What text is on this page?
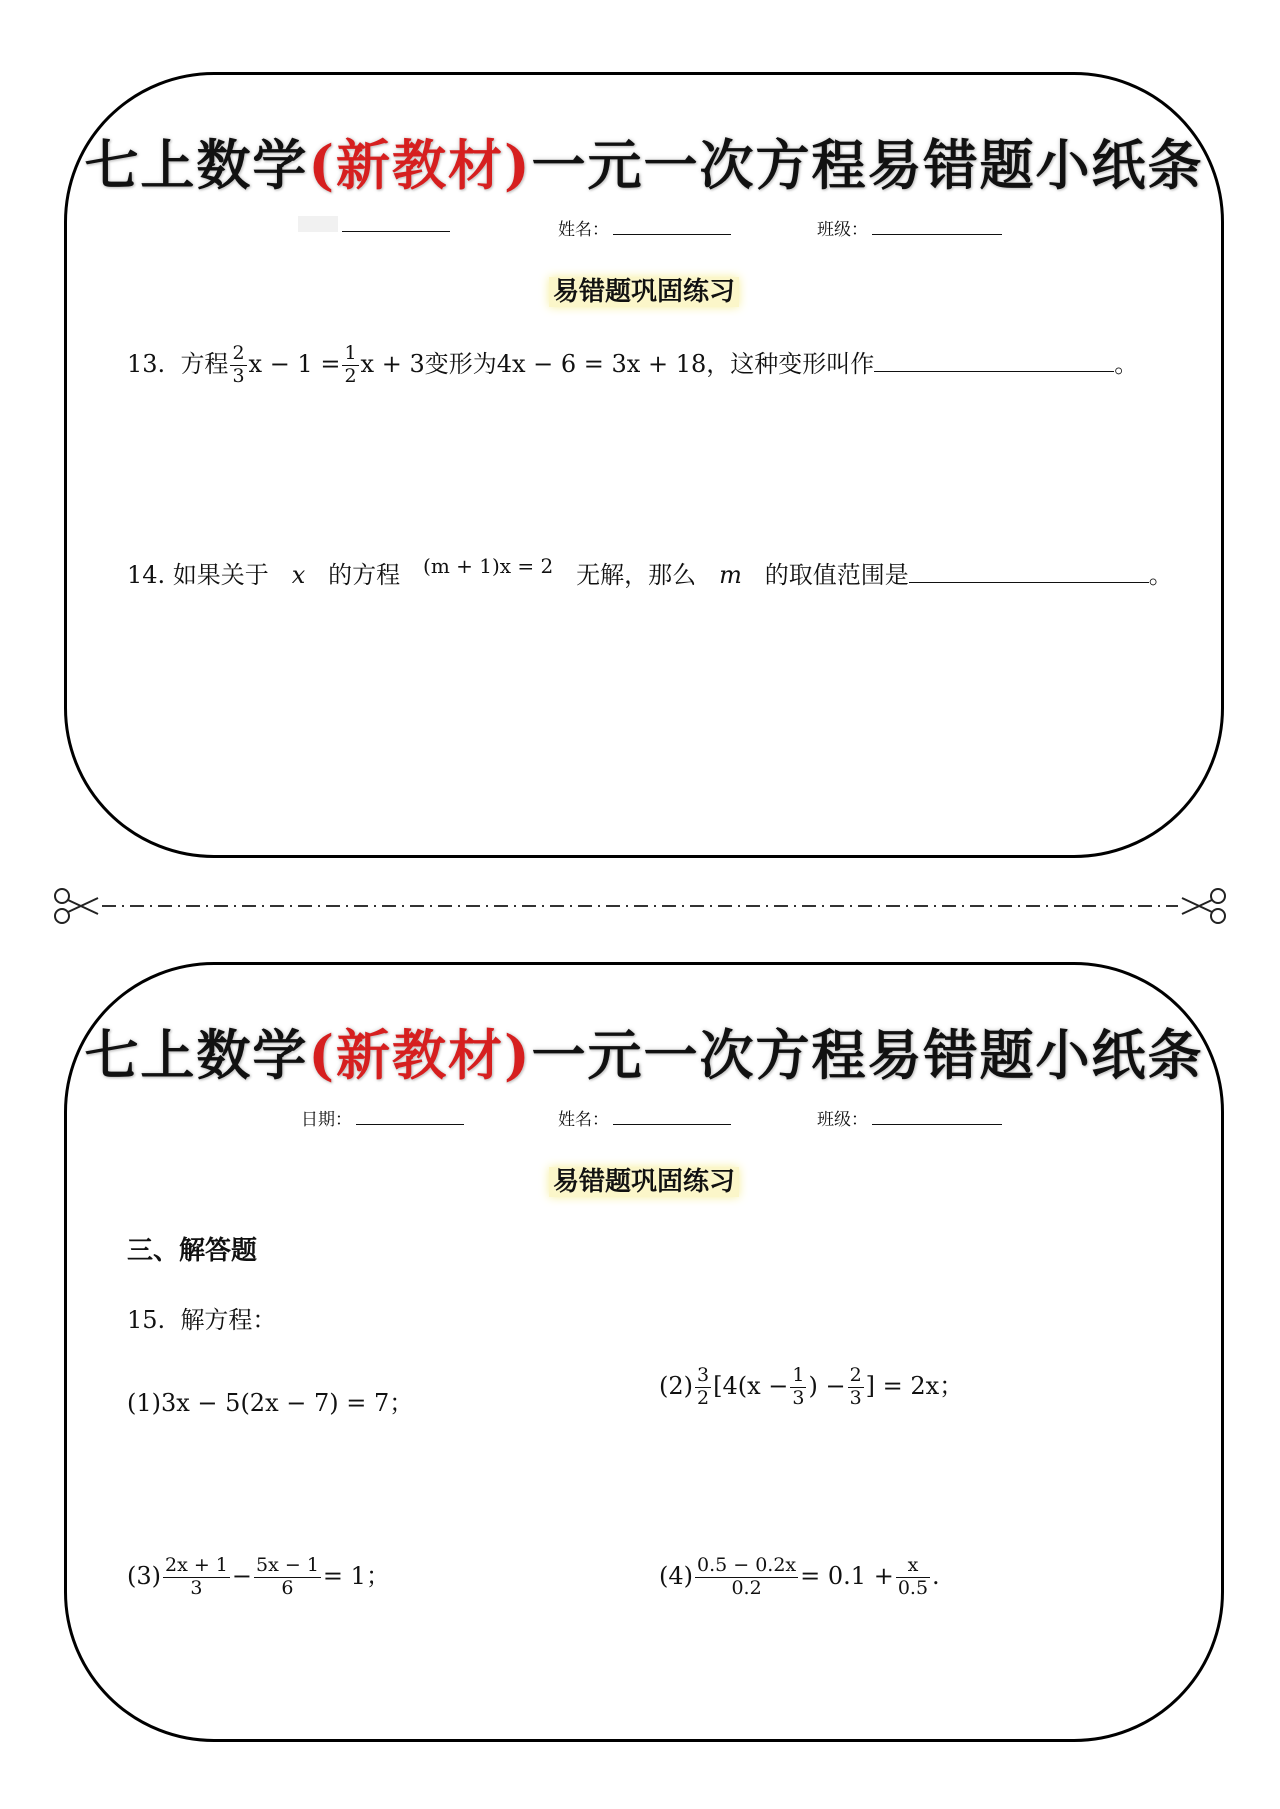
七上数学(新教材)一元一次方程易错题小纸条
姓名：	班级：
易错题巩固练习
13. 方程 $\frac{2}{3}$ $x - 1 = \frac{1}{2}$ x + 3变形为4x − 6 = 3x + 18，这种变形叫作	。
14. 如果关于 x 的方程 $^{(m + 1)x = 2}$ 无解，那么 m 的取值范围是	。
七上数学(新教材)一元一次方程易错题小纸条
日期：	姓名：	班级：
易错题巩固练习
三、解答题
15. 解方程：
(1)3x − 5(2x − 7) = 7；
$(2) \frac{3}{2} [4(x - \frac{1}{3}$ ) − $\frac{2}{3}$ ] = 2x；
$(3) \frac{2x + 1}{3} - \frac{5x - 1}{6} = 1$；	$(4) \frac{0.5 - 0.2x}{0.2} = 0.1 + \frac{x}{0.5}$ .
